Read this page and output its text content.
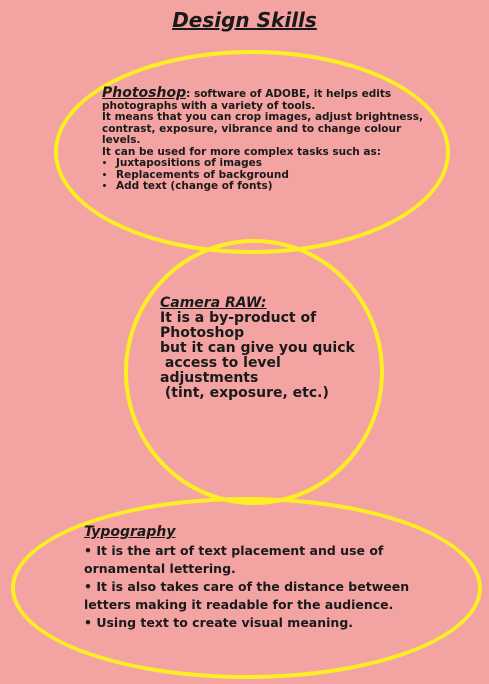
Design Skills
Photoshop: software of ADOBE, it helps edits photographs with a variety of tools.
It means that you can crop images, adjust brightness, contrast, exposure, vibrance and to change colour levels.
It can be used for more complex tasks such as:
• Juxtapositions of images
• Replacements of background
• Add text (change of fonts)
Camera RAW:
It is a by-product of
Photoshop
but it can give you quick
access to level
adjustments
(tint, exposure, etc.)
Typography
• It is the art of text placement and use of ornamental lettering.
• It is also takes care of the distance between letters making it readable for the audience.
• Using text to create visual meaning.
